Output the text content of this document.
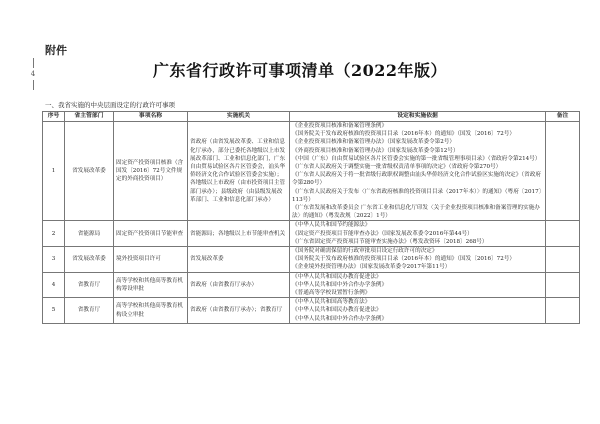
附件
4	广东省行政许可事项清单（2022年版）
一、我省实施的中央层面设定的行政许可事项
序号	省主管部门	事项名称	实施机关	设定和实施依据	备注
1	省发展改革委	固定资产投资项目核准（含国发〔2016〕72号文件规定的外商投资项目）	省政府（由省发展改革委、工业和信息化厅承办，部分已委托各地级以上市发展改革部门、工业和信息化部门，广东自由贸易试验区各片区管委会，汕头华侨经济文化合作试验区管委会实施）；各地级以上市政府（由市投资项目主管部门承办）；县级政府（由县级发展改革部门、工业和信息化部门承办）	
《企业投资项目核准和备案管理条例》
《国务院关于发布政府核准的投资项目目录（2016年本）的通知》（国发〔2016〕72号）
《企业投资项目核准和备案管理办法》（国家发展改革委令第2号）
《外商投资项目核准和备案管理办法》（国家发展改革委令第12号）
《中国（广东）自由贸易试验区各片区管委会实施的第一批省级管理事项目录》（省政府令第214号）
《广东省人民政府关于调整实施一批省级权责清单事项的决定》（省政府令第270号）
《广东省人民政府关于将一批省级行政职权调整由汕头华侨经济文化合作试验区实施的决定》（省政府令第280号）
《广东省人民政府关于发布〈广东省政府核准的投资项目目录（2017年本）〉的通知》（粤府〔2017〕113号）
《广东省发展和改革委员会 广东省工业和信息化厅印发〈关于企业投资项目核准和备案管理的实施办法〉的通知》（粤发改规〔2022〕1号）

2	省能源局	固定资产投资项目节能审查	省能源局；各地级以上市节能审查机关	《中华人民共和国节约能源法》
《固定资产投资项目节能审查办法》（国家发展改革委令2016年第44号）
《广东省固定资产投资项目节能审查实施办法》（粤发改资环〔2018〕268号）	

3	省发展改革委	境外投资项目许可	省发展改革委	《国务院对确需保留的行政审批项目设定行政许可的决定》
《国务院关于发布政府核准的投资项目目录（2016年本）的通知》（国发〔2016〕72号）
《企业境外投资管理办法》（国家发展改革委令2017年第11号）	

4	省教育厅	高等学校和其他高等教育机构筹设审批	省政府（由省教育厅承办）	《中华人民共和国民办教育促进法》
《中华人民共和国中外合作办学条例》
《普通高等学校设置暂行条例》	

5	省教育厅	高等学校和其他高等教育机构设立审批	省政府（由省教育厅承办）；省教育厅	《中华人民共和国高等教育法》
《中华人民共和国民办教育促进法》
《中华人民共和国中外合作办学条例》	
